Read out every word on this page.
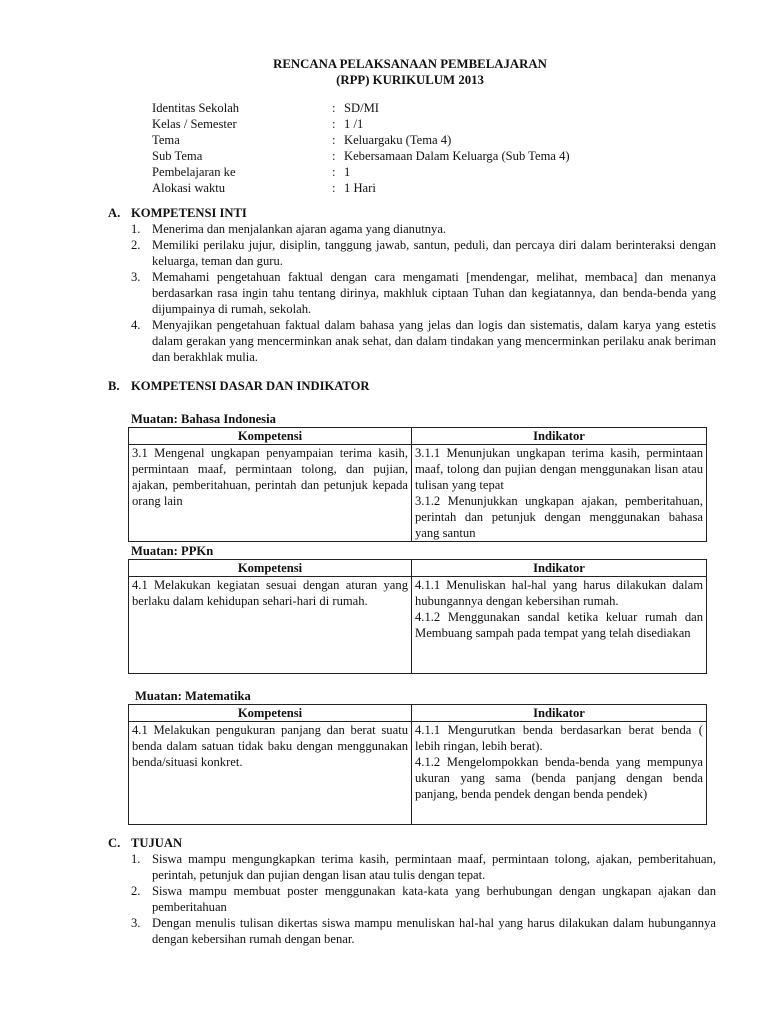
RENCANA PELAKSANAAN PEMBELAJARAN
(RPP) KURIKULUM 2013
Identitas Sekolah	: SD/MI
Kelas / Semester	: 1 /1
Tema	: Keluargaku (Tema 4)
Sub Tema	: Kebersamaan Dalam Keluarga (Sub Tema 4)
Pembelajaran ke	: 1
Alokasi waktu	: 1 Hari
A. KOMPETENSI INTI
1. Menerima dan menjalankan ajaran agama yang dianutnya.
2. Memiliki perilaku jujur, disiplin, tanggung jawab, santun, peduli, dan percaya diri dalam berinteraksi dengan keluarga, teman dan guru.
3. Memahami pengetahuan faktual dengan cara mengamati [mendengar, melihat, membaca] dan menanya berdasarkan rasa ingin tahu tentang dirinya, makhluk ciptaan Tuhan dan kegiatannya, dan benda-benda yang dijumpainya di rumah, sekolah.
4. Menyajikan pengetahuan faktual dalam bahasa yang jelas dan logis dan sistematis, dalam karya yang estetis dalam gerakan yang mencerminkan anak sehat, dan dalam tindakan yang mencerminkan perilaku anak beriman dan berakhlak mulia.
B. KOMPETENSI DASAR DAN INDIKATOR
Muatan: Bahasa Indonesia
Kompetensi	Indikator
3.1 Mengenal ungkapan penyampaian terima kasih, permintaan maaf, permintaan tolong, dan pujian, ajakan, pemberitahuan, perintah dan petunjuk kepada orang lain	3.1.1 Menunjukan ungkapan terima kasih, permintaan maaf, tolong dan pujian dengan menggunakan lisan atau tulisan yang tepat
3.1.2 Menunjukkan ungkapan ajakan, pemberitahuan, perintah dan petunjuk dengan menggunakan bahasa yang santun
Muatan: PPKn
Kompetensi	Indikator
4.1 Melakukan kegiatan sesuai dengan aturan yang berlaku dalam kehidupan sehari-hari di rumah.	4.1.1 Menuliskan hal-hal yang harus dilakukan dalam hubungannya dengan kebersihan rumah.
4.1.2 Menggunakan sandal ketika keluar rumah dan Membuang sampah pada tempat yang telah disediakan
Muatan: Matematika
Kompetensi	Indikator
4.1 Melakukan pengukuran panjang dan berat suatu benda dalam satuan tidak baku dengan menggunakan benda/situasi konkret.	4.1.1 Mengurutkan benda berdasarkan berat benda ( lebih ringan, lebih berat).
4.1.2 Mengelompokkan benda-benda yang mempunya ukuran yang sama (benda panjang dengan benda panjang, benda pendek dengan benda pendek)
C. TUJUAN
1. Siswa mampu mengungkapkan terima kasih, permintaan maaf, permintaan tolong, ajakan, pemberitahuan, perintah, petunjuk dan pujian dengan lisan atau tulis dengan tepat.
2. Siswa mampu membuat poster menggunakan kata-kata yang berhubungan dengan ungkapan ajakan dan pemberitahuan
3. Dengan menulis tulisan dikertas siswa mampu menuliskan hal-hal yang harus dilakukan dalam hubungannya dengan kebersihan rumah dengan benar.
